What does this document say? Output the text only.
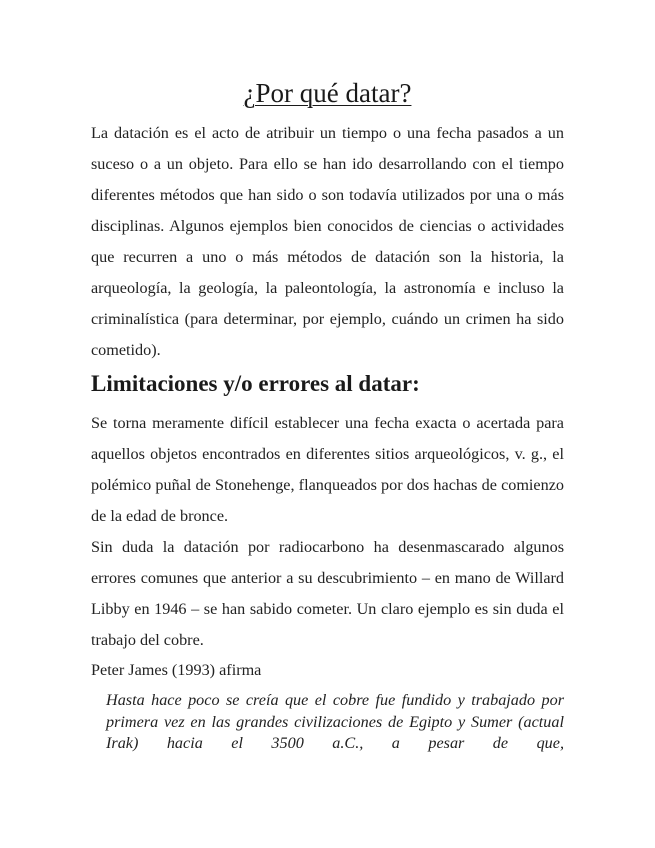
¿Por qué datar?

La datación es el acto de atribuir un tiempo o una fecha pasados a un suceso o a un objeto. Para ello se han ido desarrollando con el tiempo diferentes métodos que han sido o son todavía utilizados por una o más disciplinas. Algunos ejemplos bien conocidos de ciencias o actividades que recurren a uno o más métodos de datación son la historia, la arqueología, la geología, la paleontología, la astronomía e incluso la criminalística (para determinar, por ejemplo, cuándo un crimen ha sido cometido).

Limitaciones y/o errores al datar:

Se torna meramente difícil establecer una fecha exacta o acertada para aquellos objetos encontrados en diferentes sitios arqueológicos, v. g., el polémico puñal de Stonehenge, flanqueados por dos hachas de comienzo de la edad de bronce.

Sin duda la datación por radiocarbono ha desenmascarado algunos errores comunes que anterior a su descubrimiento – en mano de Willard Libby en 1946 – se han sabido cometer. Un claro ejemplo es sin duda el trabajo del cobre.

Peter James (1993) afirma

Hasta hace poco se creía que el cobre fue fundido y trabajado por primera vez en las grandes civilizaciones de Egipto y Sumer (actual Irak) hacia el 3500 a.C., a pesar de que,
